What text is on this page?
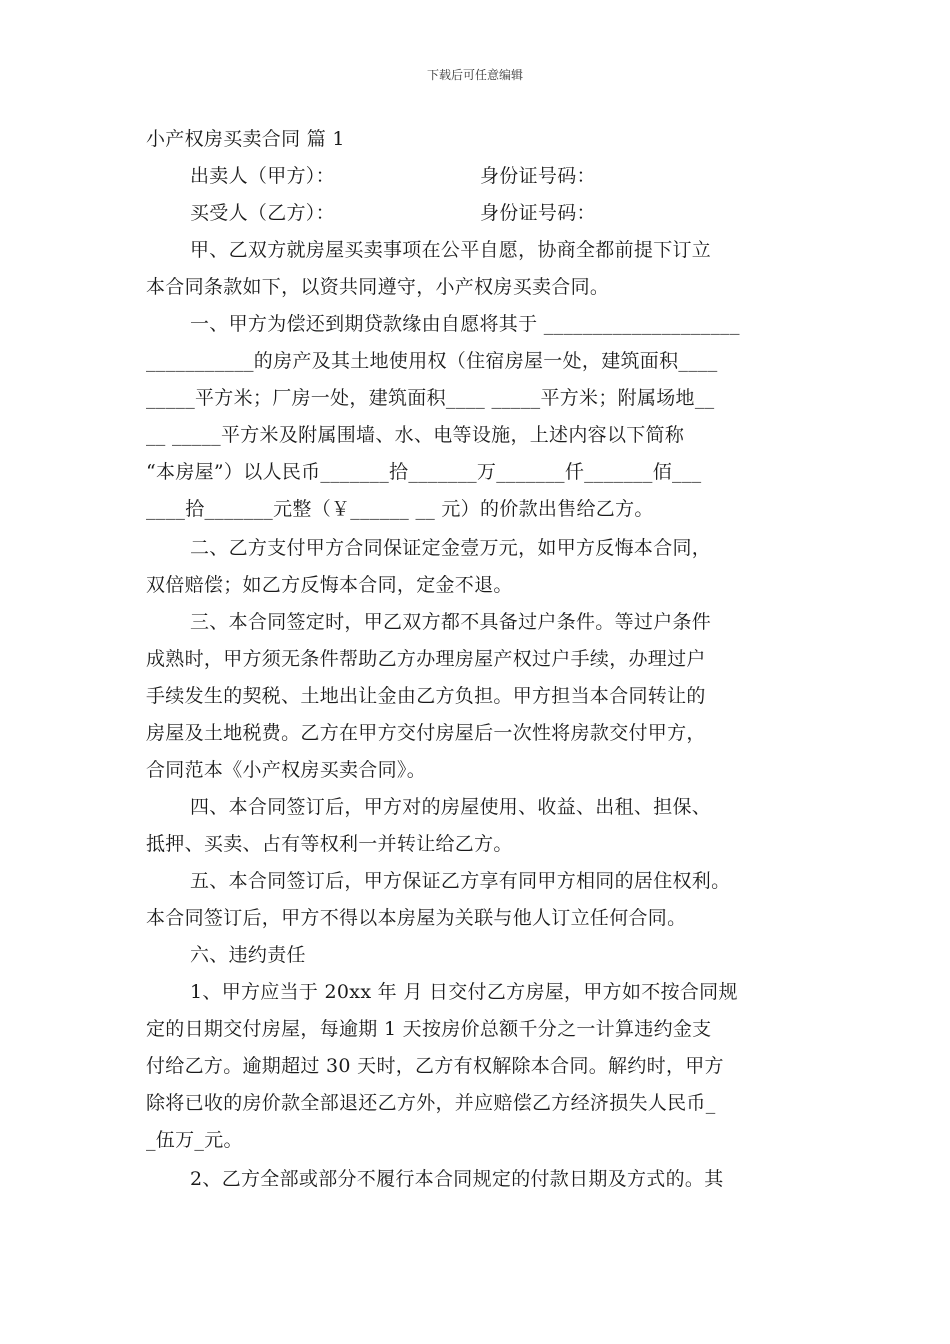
下载后可任意编辑
小产权房买卖合同 篇 1
出卖人（甲方）：	身份证号码：
买受人（乙方）：	身份证号码：
甲、乙双方就房屋买卖事项在公平自愿，协商全都前提下订立
本合同条款如下，以资共同遵守，小产权房买卖合同。
一、甲方为偿还到期贷款缘由自愿将其于 ____________________
___________的房产及其土地使用权（住宿房屋一处，建筑面积____
_____平方米；厂房一处，建筑面积____ _____平方米；附属场地__
__ _____平方米及附属围墙、水、电等设施，上述内容以下简称
“本房屋”）以人民币_______拾_______万_______仟_______佰___
____拾_______元整（￥______ __ 元）的价款出售给乙方。
二、乙方支付甲方合同保证定金壹万元，如甲方反悔本合同，
双倍赔偿；如乙方反悔本合同，定金不退。
三、本合同签定时，甲乙双方都不具备过户条件。等过户条件
成熟时，甲方须无条件帮助乙方办理房屋产权过户手续，办理过户
手续发生的契税、土地出让金由乙方负担。甲方担当本合同转让的
房屋及土地税费。乙方在甲方交付房屋后一次性将房款交付甲方，
合同范本《小产权房买卖合同》。
四、本合同签订后，甲方对的房屋使用、收益、出租、担保、
抵押、买卖、占有等权利一并转让给乙方。
五、本合同签订后，甲方保证乙方享有同甲方相同的居住权利。
本合同签订后，甲方不得以本房屋为关联与他人订立任何合同。
六、违约责任
1、甲方应当于 20xx 年 月 日交付乙方房屋，甲方如不按合同规
定的日期交付房屋，每逾期 1 天按房价总额千分之一计算违约金支
付给乙方。逾期超过 30 天时，乙方有权解除本合同。解约时，甲方
除将已收的房价款全部退还乙方外，并应赔偿乙方经济损失人民币_
_伍万_元。
2、乙方全部或部分不履行本合同规定的付款日期及方式的。其
